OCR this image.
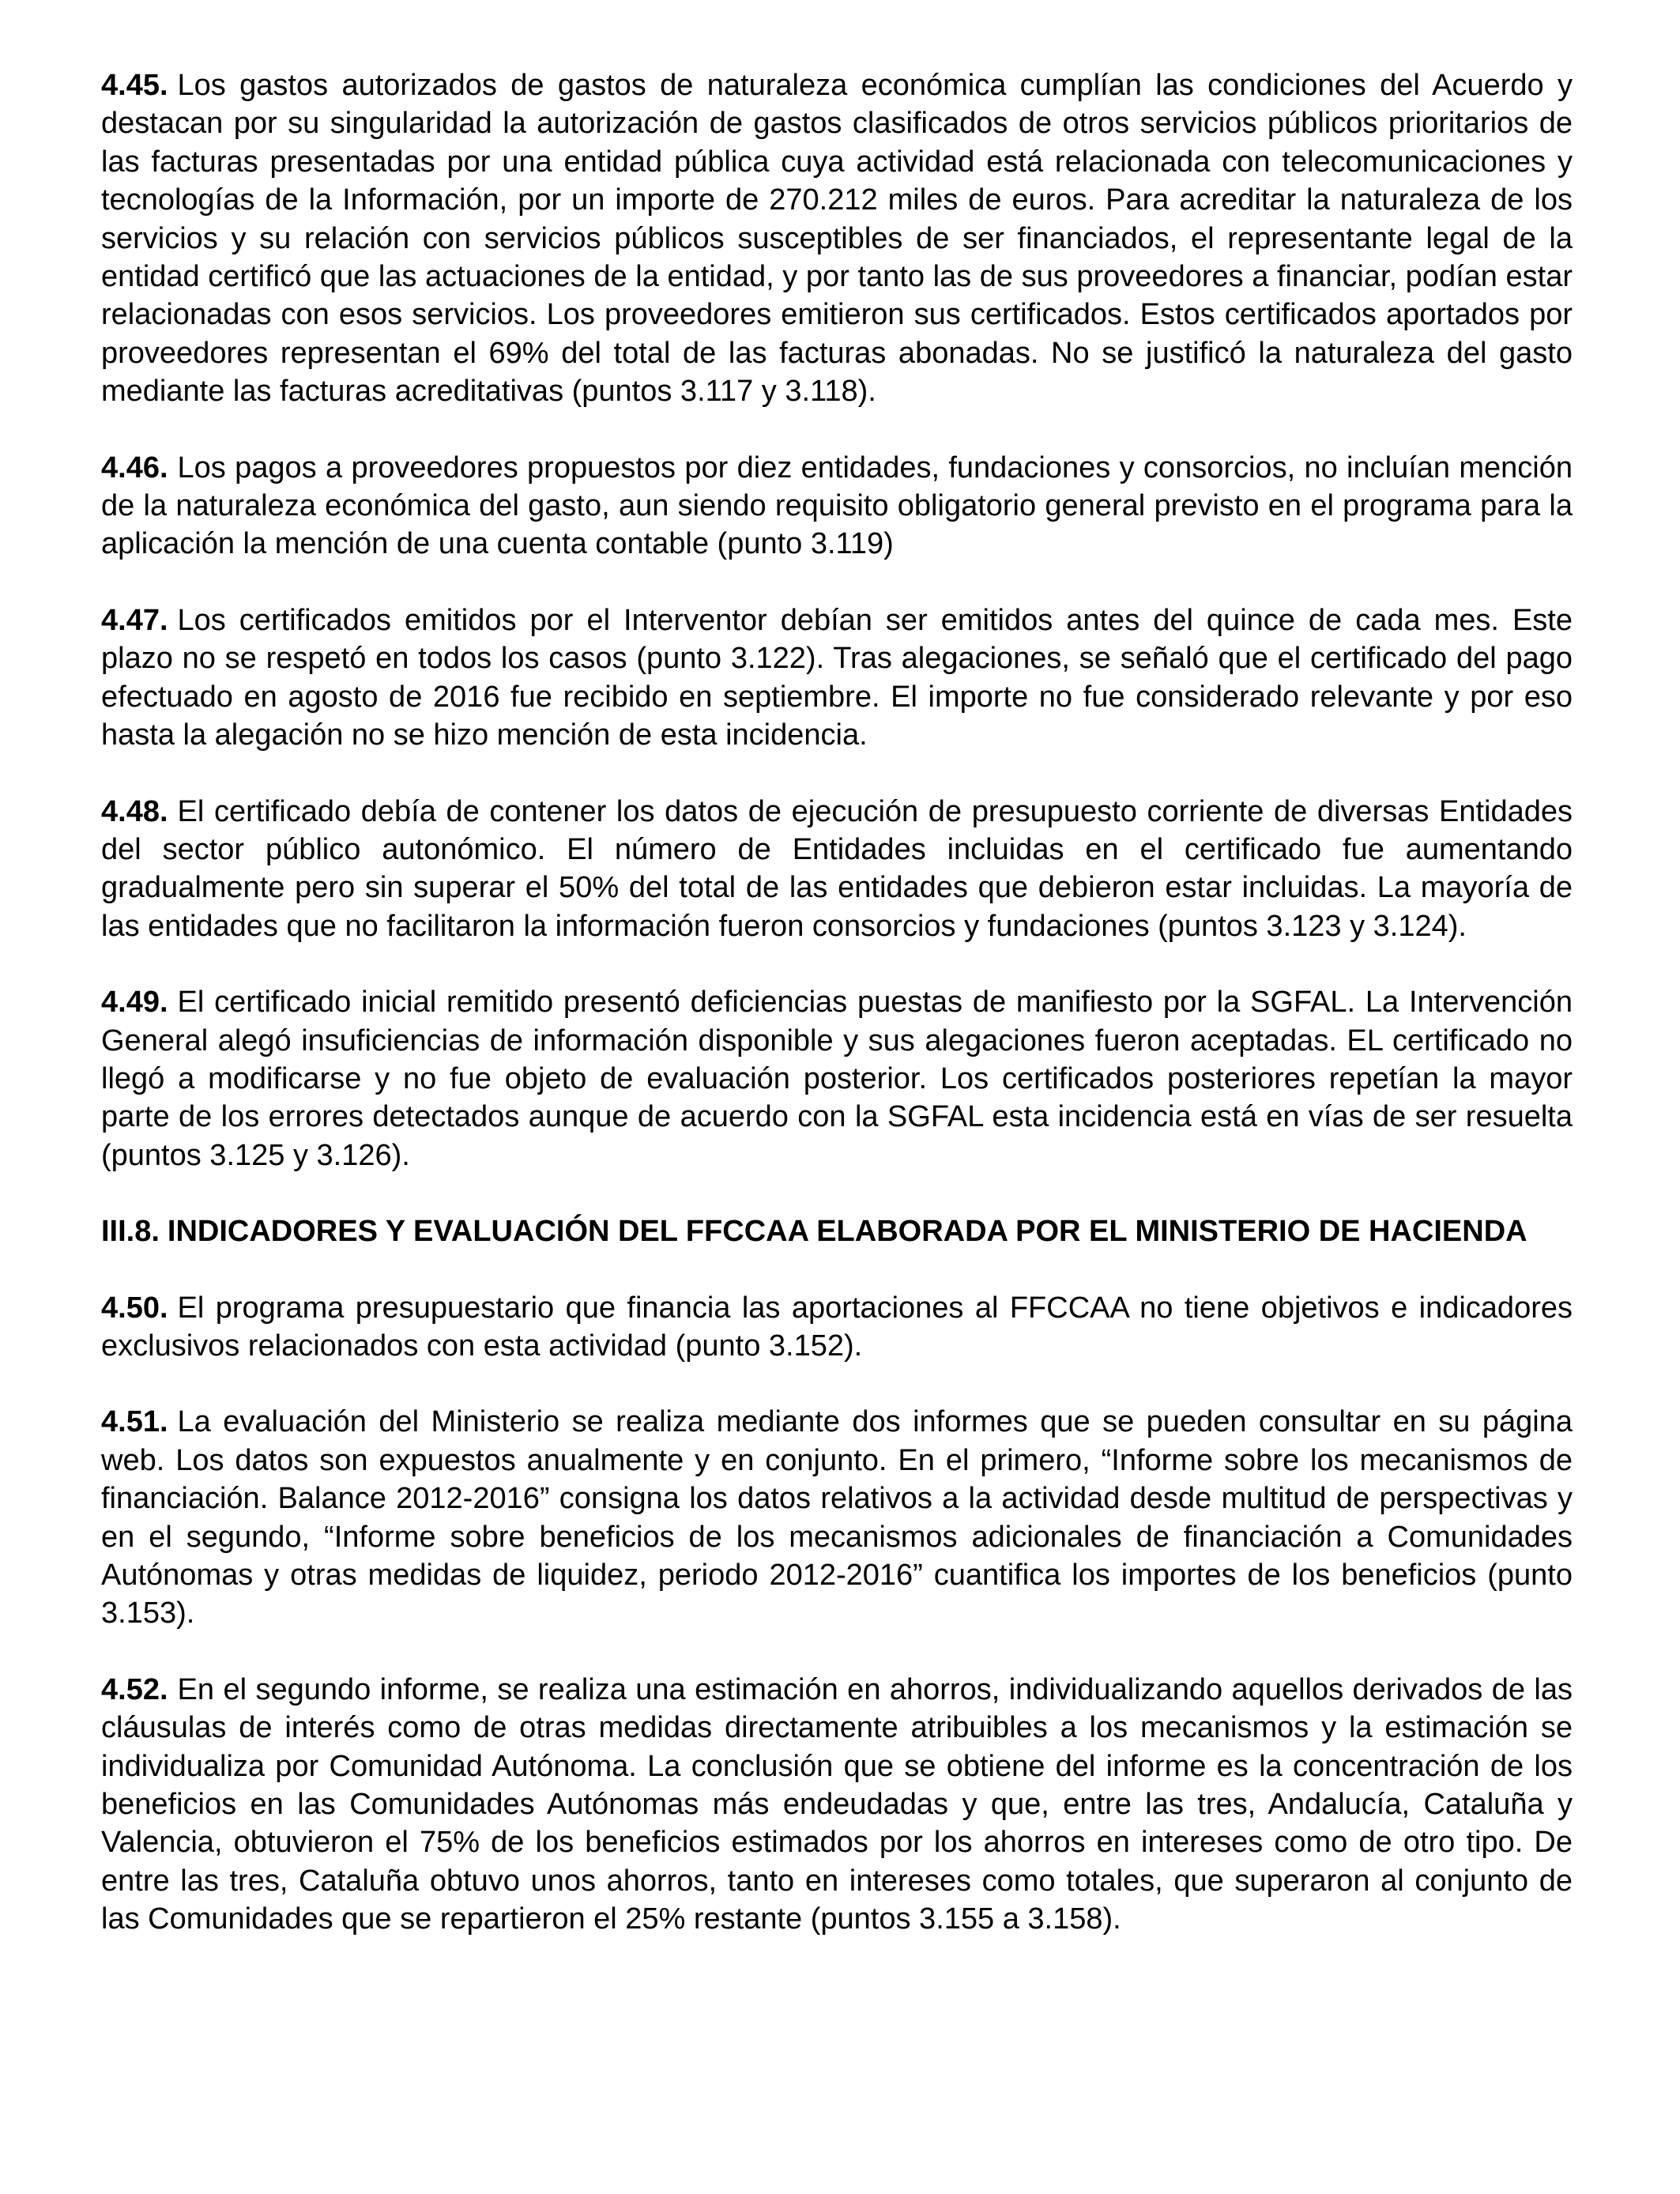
4.45. Los gastos autorizados de gastos de naturaleza económica cumplían las condiciones del Acuerdo y destacan por su singularidad la autorización de gastos clasificados de otros servicios públicos prioritarios de las facturas presentadas por una entidad pública cuya actividad está relacionada con telecomunicaciones y tecnologías de la Información, por un importe de 270.212 miles de euros. Para acreditar la naturaleza de los servicios y su relación con servicios públicos susceptibles de ser financiados, el representante legal de la entidad certificó que las actuaciones de la entidad, y por tanto las de sus proveedores a financiar, podían estar relacionadas con esos servicios. Los proveedores emitieron sus certificados. Estos certificados aportados por proveedores representan el 69% del total de las facturas abonadas. No se justificó la naturaleza del gasto mediante las facturas acreditativas (puntos 3.117 y 3.118).

4.46. Los pagos a proveedores propuestos por diez entidades, fundaciones y consorcios, no incluían mención de la naturaleza económica del gasto, aun siendo requisito obligatorio general previsto en el programa para la aplicación la mención de una cuenta contable (punto 3.119)

4.47. Los certificados emitidos por el Interventor debían ser emitidos antes del quince de cada mes. Este plazo no se respetó en todos los casos (punto 3.122). Tras alegaciones, se señaló que el certificado del pago efectuado en agosto de 2016 fue recibido en septiembre. El importe no fue considerado relevante y por eso hasta la alegación no se hizo mención de esta incidencia.

4.48. El certificado debía de contener los datos de ejecución de presupuesto corriente de diversas Entidades del sector público autonómico. El número de Entidades incluidas en el certificado fue aumentando gradualmente pero sin superar el 50% del total de las entidades que debieron estar incluidas. La mayoría de las entidades que no facilitaron la información fueron consorcios y fundaciones (puntos 3.123 y 3.124).

4.49. El certificado inicial remitido presentó deficiencias puestas de manifiesto por la SGFAL. La Intervención General alegó insuficiencias de información disponible y sus alegaciones fueron aceptadas. EL certificado no llegó a modificarse y no fue objeto de evaluación posterior. Los certificados posteriores repetían la mayor parte de los errores detectados aunque de acuerdo con la SGFAL esta incidencia está en vías de ser resuelta (puntos 3.125 y 3.126).

III.8. INDICADORES Y EVALUACIÓN DEL FFCCAA ELABORADA POR EL MINISTERIO DE HACIENDA

4.50. El programa presupuestario que financia las aportaciones al FFCCAA no tiene objetivos e indicadores exclusivos relacionados con esta actividad (punto 3.152).

4.51. La evaluación del Ministerio se realiza mediante dos informes que se pueden consultar en su página web. Los datos son expuestos anualmente y en conjunto. En el primero, “Informe sobre los mecanismos de financiación. Balance 2012-2016” consigna los datos relativos a la actividad desde multitud de perspectivas y en el segundo, “Informe sobre beneficios de los mecanismos adicionales de financiación a Comunidades Autónomas y otras medidas de liquidez, periodo 2012-2016” cuantifica los importes de los beneficios (punto 3.153).

4.52. En el segundo informe, se realiza una estimación en ahorros, individualizando aquellos derivados de las cláusulas de interés como de otras medidas directamente atribuibles a los mecanismos y la estimación se individualiza por Comunidad Autónoma. La conclusión que se obtiene del informe es la concentración de los beneficios en las Comunidades Autónomas más endeudadas y que, entre las tres, Andalucía, Cataluña y Valencia, obtuvieron el 75% de los beneficios estimados por los ahorros en intereses como de otro tipo. De entre las tres, Cataluña obtuvo unos ahorros, tanto en intereses como totales, que superaron al conjunto de las Comunidades que se repartieron el 25% restante (puntos 3.155 a 3.158).
